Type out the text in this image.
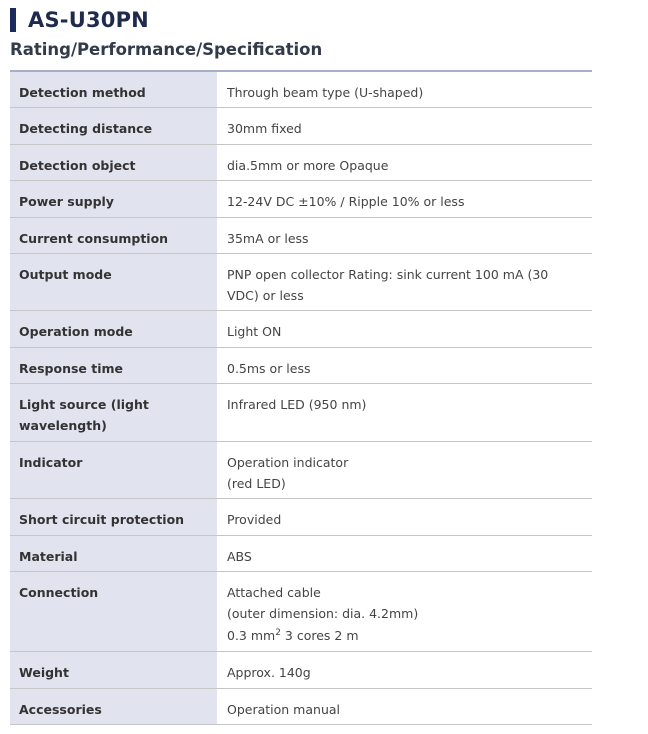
AS-U30PN
Rating/Performance/Specification
Detection method	Through beam type (U-shaped)

Detecting distance	30mm fixed

Detection object	dia.5mm or more Opaque

Power supply	12-24V DC ±10% / Ripple 10% or less

Current consumption	35mA or less

Output mode	PNP open collector Rating: sink current 100 mA (30 VDC) or less

Operation mode	Light ON

Response time	0.5ms or less

Light source (light wavelength)	Infrared LED (950 nm)

Indicator	Operation indicator
(red LED)

Short circuit protection	Provided

Material	ABS

Connection	Attached cable
(outer dimension: dia. 4.2mm)
0.3 $mm^2$ 3 cores 2 m

Weight	Approx. 140g

Accessories	Operation manual
